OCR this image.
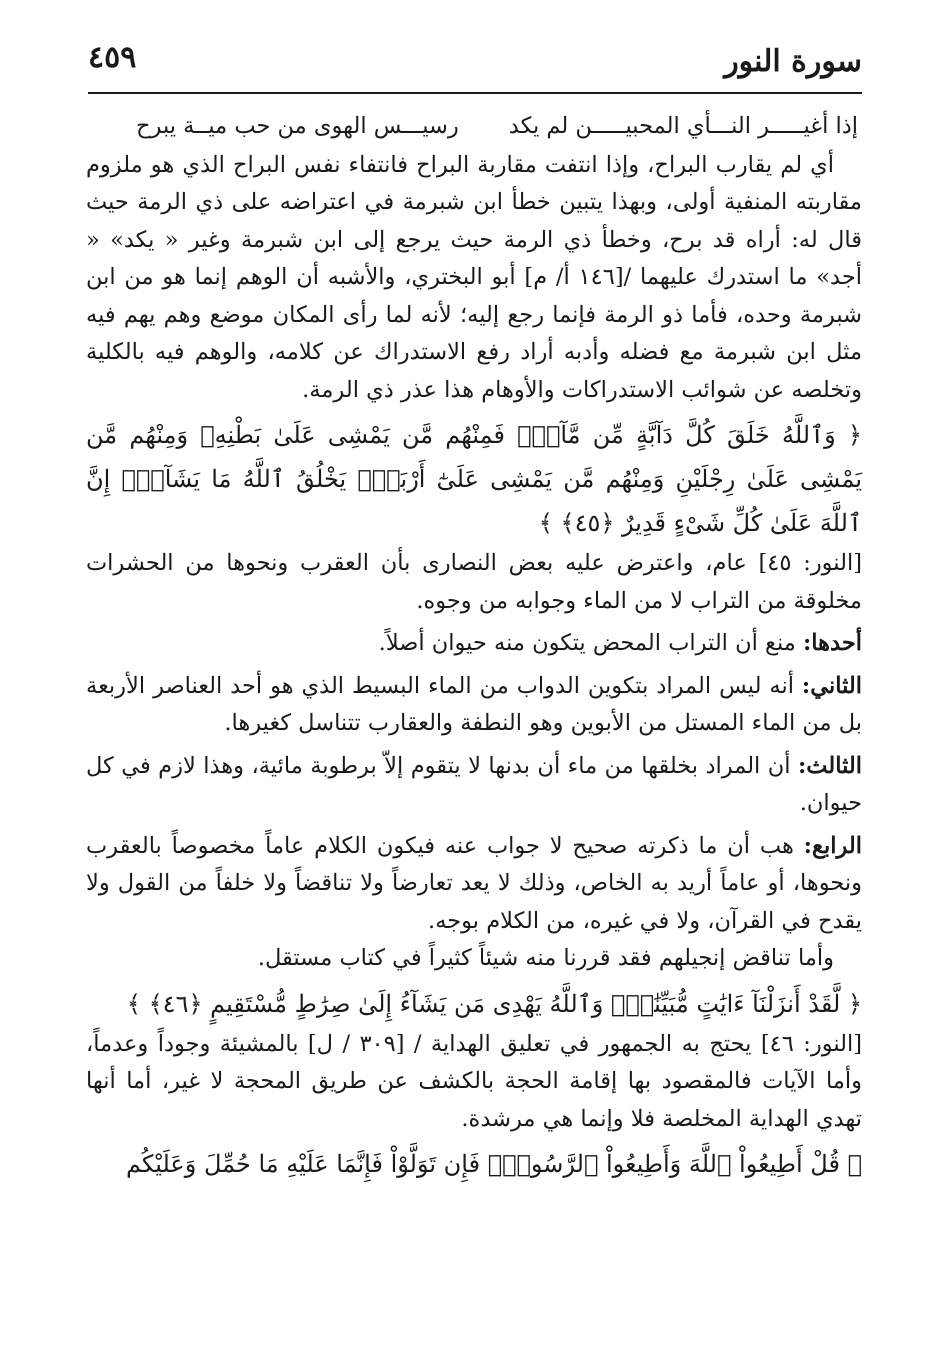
سورة النور
٤٥٩
إذا أغيـــــر النـــأي المحبيـــــن لم يكد
رسيـــس الهوى من حب ميــة يبرح

أي لم يقارب البراح، وإذا انتفت مقاربة البراح فانتفاء نفس البراح الذي هو ملزوم مقاربته المنفية أولى، وبهذا يتبين خطأ ابن شبرمة في اعتراضه على ذي الرمة حيث قال له: أراه قد برح، وخطأ ذي الرمة حيث يرجع إلى ابن شبرمة وغير « يكد» « أجد» ما استدرك عليهما /[١٤٦ أ/ م] أبو البختري، والأشبه أن الوهم إنما هو من ابن شبرمة وحده، فأما ذو الرمة فإنما رجع إليه؛ لأنه لما رأى المكان موضع وهم يهم فيه مثل ابن شبرمة مع فضله وأدبه أراد رفع الاستدراك عن كلامه، والوهم فيه بالكلية وتخلصه عن شوائب الاستدراكات والأوهام هذا عذر ذي الرمة.

﴿ وَٱللَّهُ خَلَقَ كُلَّ دَآبَّةٍ مِّن مَّآءٍۖ فَمِنْهُم مَّن يَمْشِى عَلَىٰ بَطْنِهِۦ وَمِنْهُم مَّن يَمْشِى عَلَىٰ رِجْلَيْنِ وَمِنْهُم مَّن يَمْشِى عَلَىٰٓ أَرْبَعٍۚ يَخْلُقُ ٱللَّهُ مَا يَشَآءُۚ إِنَّ ٱللَّهَ عَلَىٰ كُلِّ شَىْءٍ قَدِيرٌ ﴿٤٥﴾ ﴾

[النور: ٤٥] عام، واعترض عليه بعض النصارى بأن العقرب ونحوها من الحشرات مخلوقة من التراب لا من الماء وجوابه من وجوه.

أحدها: منع أن التراب المحض يتكون منه حيوان أصلاً.

الثاني: أنه ليس المراد بتكوين الدواب من الماء البسيط الذي هو أحد العناصر الأربعة بل من الماء المستل من الأبوين وهو النطفة والعقارب تتناسل كغيرها.

الثالث: أن المراد بخلقها من ماء أن بدنها لا يتقوم إلاّ برطوبة مائية، وهذا لازم في كل حيوان.

الرابع: هب أن ما ذكرته صحيح لا جواب عنه فيكون الكلام عاماً مخصوصاً بالعقرب ونحوها، أو عاماً أريد به الخاص، وذلك لا يعد تعارضاً ولا تناقضاً ولا خلفاً من القول ولا يقدح في القرآن، ولا في غيره، من الكلام بوجه.

وأما تناقض إنجيلهم فقد قررنا منه شيئاً كثيراً في كتاب مستقل.

﴿ لَّقَدْ أَنزَلْنَآ ءَايَٰتٍ مُّبَيِّنَٰتٍۚ وَٱللَّهُ يَهْدِى مَن يَشَآءُ إِلَىٰ صِرَٰطٍ مُّسْتَقِيمٍ ﴿٤٦﴾ ﴾

[النور: ٤٦] يحتج به الجمهور في تعليق الهداية / [٣٠٩ / ل] بالمشيئة وجوداً وعدماً، وأما الآيات فالمقصود بها إقامة الحجة بالكشف عن طريق المحجة لا غير، أما أنها تهدي الهداية المخلصة فلا وإنما هي مرشدة.

﴿ قُلْ أَطِيعُواْ ٱللَّهَ وَأَطِيعُواْ ٱلرَّسُولَۖ فَإِن تَوَلَّوْاْ فَإِنَّمَا عَلَيْهِ مَا حُمِّلَ وَعَلَيْكُم
